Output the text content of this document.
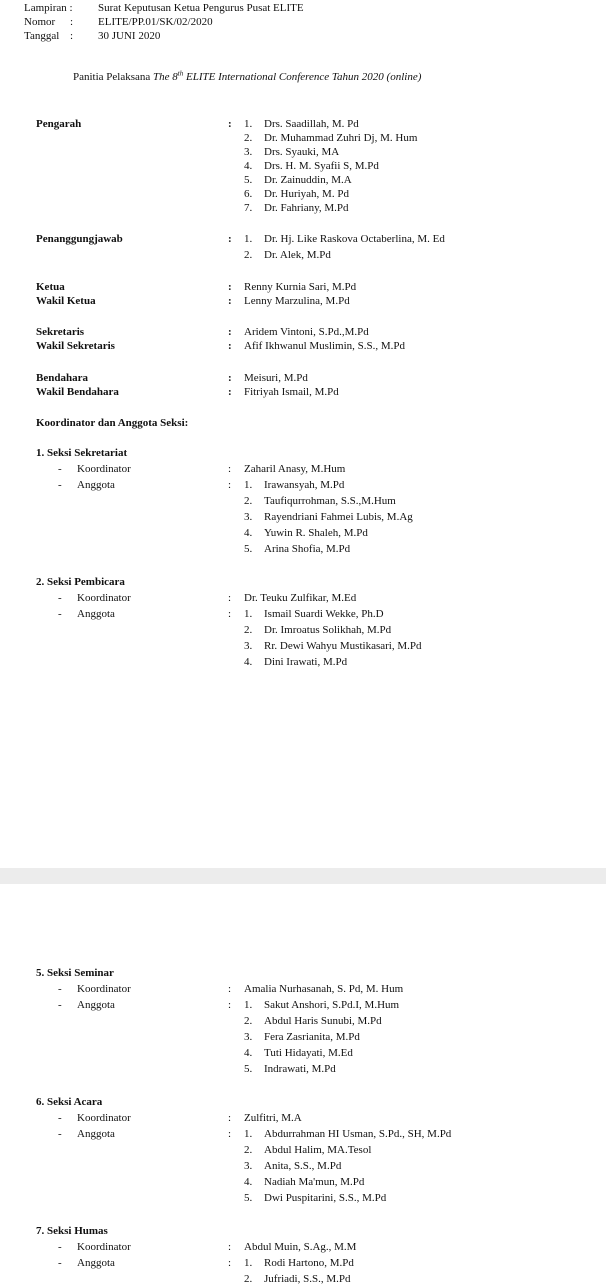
Lampiran : Surat Keputusan Ketua Pengurus Pusat ELITE
Nomor : ELITE/PP.01/SK/02/2020
Tanggal : 30 JUNI 2020
Panitia Pelaksana The 8th ELITE International Conference Tahun 2020 (online)
Pengarah	: 1. Drs. Saadillah, M. Pd
2. Dr. Muhammad Zuhri Dj, M. Hum
3. Drs. Syauki, MA
4. Drs. H. M. Syafii S, M.Pd
5. Dr. Zainuddin, M.A
6. Dr. Huriyah, M. Pd
7. Dr. Fahriany, M.Pd
Penanggungjawab	: 1. Dr. Hj. Like Raskova Octaberlina, M. Ed
2. Dr. Alek, M.Pd
Ketua	: Renny Kurnia Sari, M.Pd
Wakil Ketua	: Lenny Marzulina, M.Pd
Sekretaris	: Aridem Vintoni, S.Pd.,M.Pd
Wakil Sekretaris	: Afif Ikhwanul Muslimin, S.S., M.Pd
Bendahara	: Meisuri, M.Pd
Wakil Bendahara	: Fitriyah Ismail, M.Pd
Koordinator dan Anggota Seksi:
1. Seksi Sekretariat
- Koordinator	: Zaharil Anasy, M.Hum
- Anggota	: 1. Irawansyah, M.Pd
2. Taufiqurrohman, S.S.,M.Hum
3. Rayendriani Fahmei Lubis, M.Ag
4. Yuwin R. Shaleh, M.Pd
5. Arina Shofia, M.Pd
2. Seksi Pembicara
- Koordinator	: Dr. Teuku Zulfikar, M.Ed
- Anggota	: 1. Ismail Suardi Wekke, Ph.D
2. Dr. Imroatus Solikhah, M.Pd
3. Rr. Dewi Wahyu Mustikasari, M.Pd
4. Dini Irawati, M.Pd
5. Seksi Seminar
- Koordinator	: Amalia Nurhasanah, S. Pd, M. Hum
- Anggota	: 1. Sakut Anshori, S.Pd.I, M.Hum
2. Abdul Haris Sunubi, M.Pd
3. Fera Zasrianita, M.Pd
4. Tuti Hidayati, M.Ed
5. Indrawati, M.Pd
6. Seksi Acara
- Koordinator	: Zulfitri, M.A
- Anggota	: 1. Abdurrahman HI Usman, S.Pd., SH, M.Pd
2. Abdul Halim, MA.Tesol
3. Anita, S.S., M.Pd
4. Nadiah Ma'mun, M.Pd
5. Dwi Puspitarini, S.S., M.Pd
7. Seksi Humas
- Koordinator	: Abdul Muin, S.Ag., M.M
- Anggota	: 1. Rodi Hartono, M.Pd
2. Jufriadi, S.S., M.Pd
